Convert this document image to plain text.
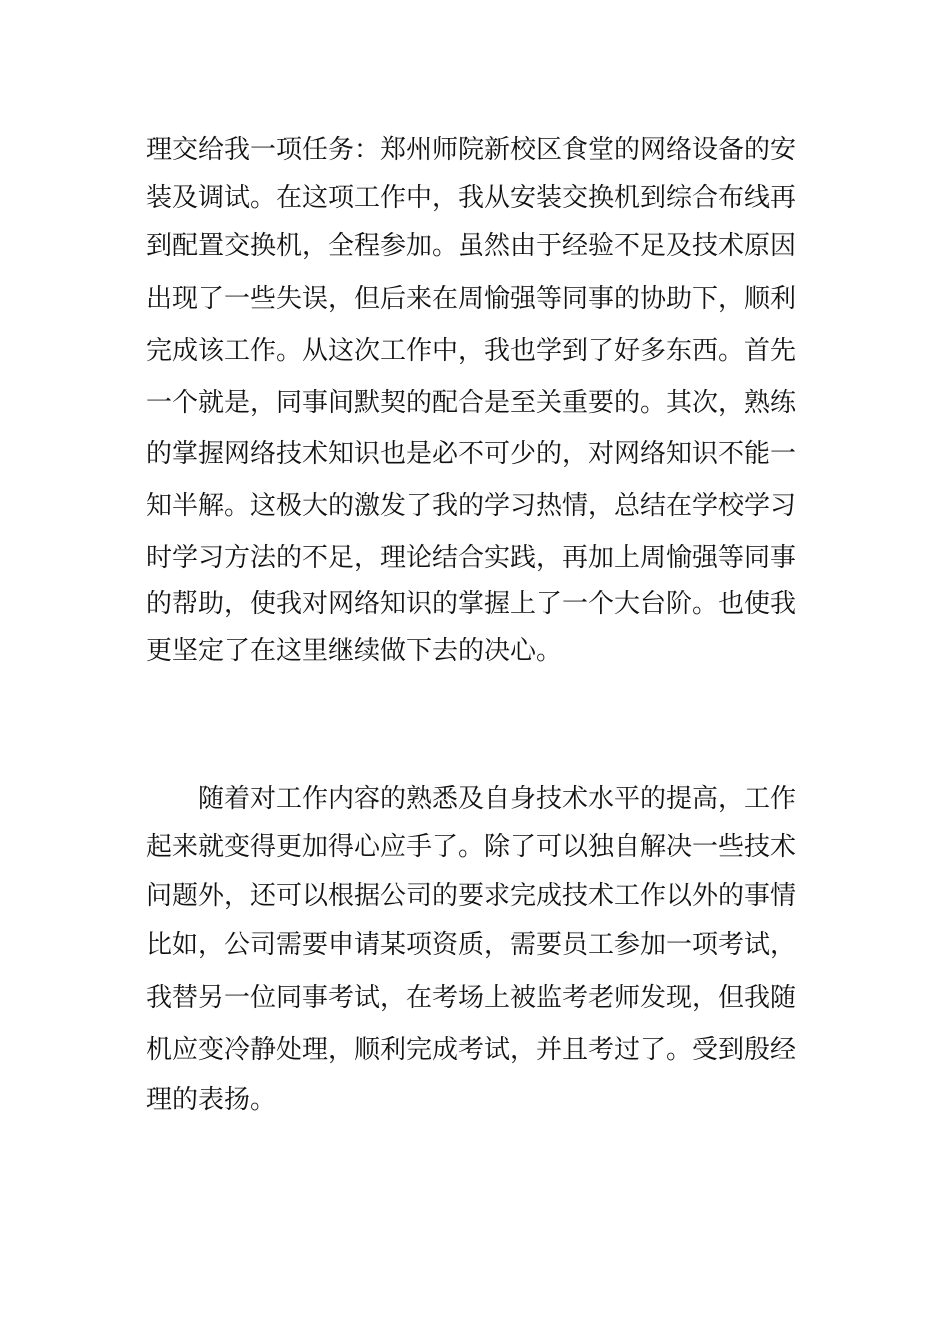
理交给我一项任务：郑州师院新校区食堂的网络设备的安
装及调试。在这项工作中，我从安装交换机到综合布线再
到配置交换机，全程参加。虽然由于经验不足及技术原因
出现了一些失误，但后来在周愉强等同事的协助下，顺利
完成该工作。从这次工作中，我也学到了好多东西。首先
一个就是，同事间默契的配合是至关重要的。其次，熟练
的掌握网络技术知识也是必不可少的，对网络知识不能一
知半解。这极大的激发了我的学习热情，总结在学校学习
时学习方法的不足，理论结合实践，再加上周愉强等同事
的帮助，使我对网络知识的掌握上了一个大台阶。也使我
更坚定了在这里继续做下去的决心。
随着对工作内容的熟悉及自身技术水平的提高，工作
起来就变得更加得心应手了。除了可以独自解决一些技术
问题外，还可以根据公司的要求完成技术工作以外的事情
比如，公司需要申请某项资质，需要员工参加一项考试，
我替另一位同事考试，在考场上被监考老师发现，但我随
机应变冷静处理，顺利完成考试，并且考过了。受到殷经
理的表扬。
